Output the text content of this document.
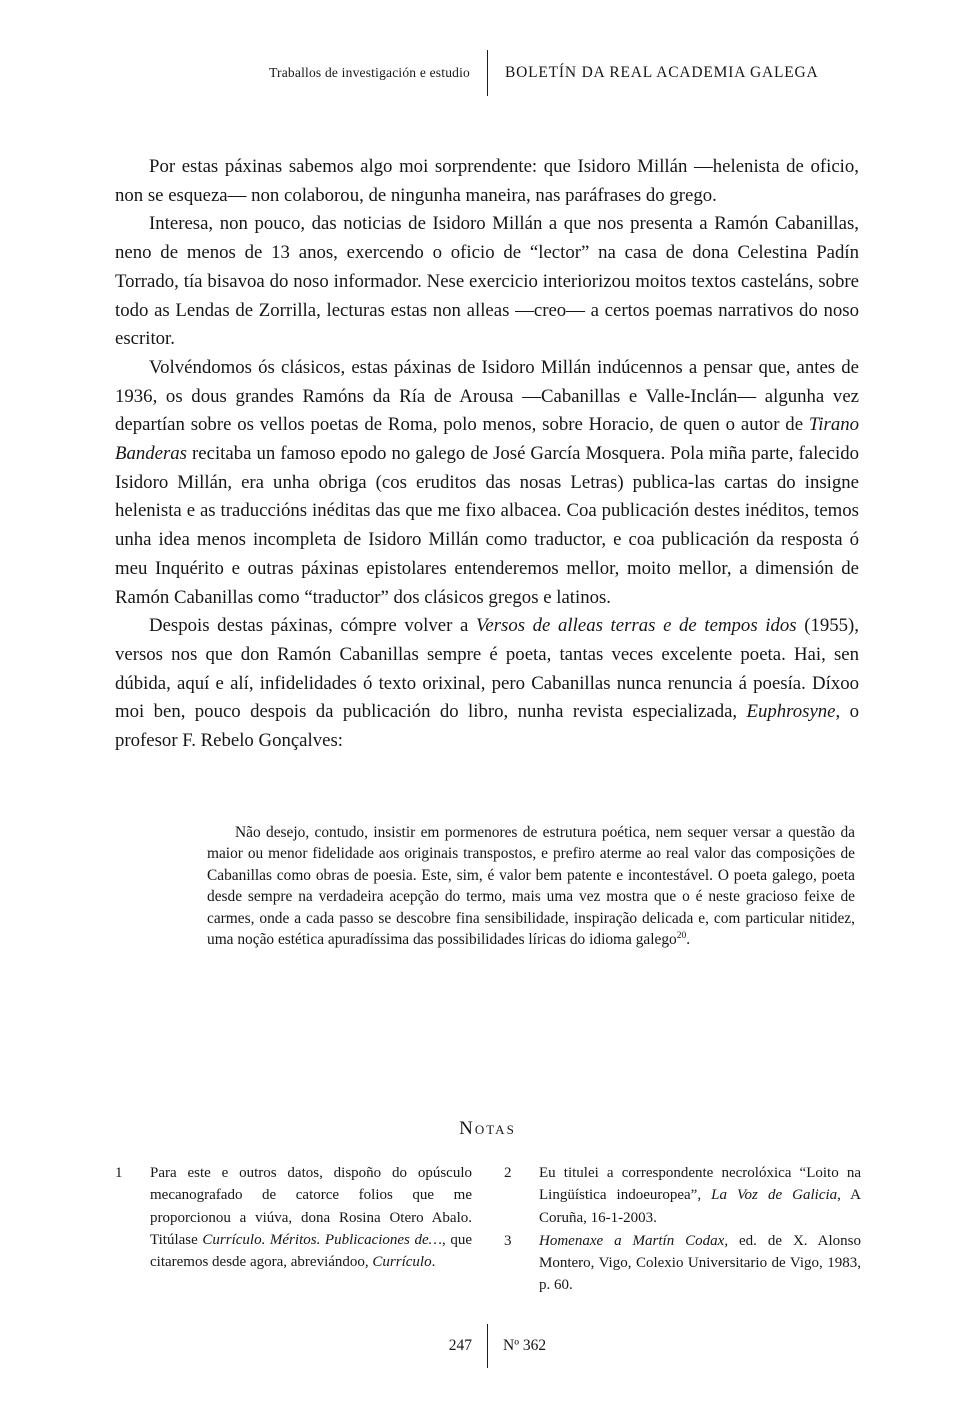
Traballos de investigación e estudio	BOLETÍN DA REAL ACADEMIA GALEGA

Por estas páxinas sabemos algo moi sorprendente: que Isidoro Millán —helenista de oficio, non se esqueza— non colaborou, de ningunha maneira, nas paráfrases do grego.

Interesa, non pouco, das noticias de Isidoro Millán a que nos presenta a Ramón Cabanillas, neno de menos de 13 anos, exercendo o oficio de “lector” na casa de dona Celestina Padín Torrado, tía bisavoa do noso informador. Nese exercicio interiorizou moitos textos casteláns, sobre todo as Lendas de Zorrilla, lecturas estas non alleas —creo— a certos poemas narrativos do noso escritor.

Volvéndomos ós clásicos, estas páxinas de Isidoro Millán indúcennos a pensar que, antes de 1936, os dous grandes Ramóns da Ría de Arousa —Cabanillas e Valle-Inclán— algunha vez departían sobre os vellos poetas de Roma, polo menos, sobre Horacio, de quen o autor de Tirano Banderas recitaba un famoso epodo no galego de José García Mosquera. Pola miña parte, falecido Isidoro Millán, era unha obriga (cos eruditos das nosas Letras) publica-las cartas do insigne helenista e as traduccións inéditas das que me fixo albacea. Coa publicación destes inéditos, temos unha idea menos incompleta de Isidoro Millán como traductor, e coa publicación da resposta ó meu Inquérito e outras páxinas epistolares entenderemos mellor, moito mellor, a dimensión de Ramón Cabanillas como “traductor” dos clásicos gregos e latinos.

Despois destas páxinas, cómpre volver a Versos de alleas terras e de tempos idos (1955), versos nos que don Ramón Cabanillas sempre é poeta, tantas veces excelente poeta. Hai, sen dúbida, aquí e alí, infidelidades ó texto orixinal, pero Cabanillas nunca renuncia á poesía. Díxoo moi ben, pouco despois da publicación do libro, nunha revista especializada, Euphrosyne, o profesor F. Rebelo Gonçalves:

Não desejo, contudo, insistir em pormenores de estrutura poética, nem sequer versar a questão da maior ou menor fidelidade aos originais transpostos, e prefiro aterme ao real valor das composições de Cabanillas como obras de poesia. Este, sim, é valor bem patente e incontestável. O poeta galego, poeta desde sempre na verdadeira acepção do termo, mais uma vez mostra que o é neste gracioso feixe de carmes, onde a cada passo se descobre fina sensibilidade, inspiração delicada e, com particular nitidez, uma noção estética apuradíssima das possibilidades líricas do idioma galego$^{20}$.
Notas
1	Para este e outros datos, dispoño do opúsculo mecanografado de catorce folios que me proporcionou a viúva, dona Rosina Otero Abalo. Titúlase Currículo. Méritos. Publicaciones de…, que citaremos desde agora, abreviándoo, Currículo.
2	Eu titulei a correspondente necrolóxica “Loito na Lingüística indoeuropea”, La Voz de Galicia, A Coruña, 16-1-2003.
3	Homenaxe a Martín Codax, ed. de X. Alonso Montero, Vigo, Colexio Universitario de Vigo, 1983, p. 60.
247	Nº 362
